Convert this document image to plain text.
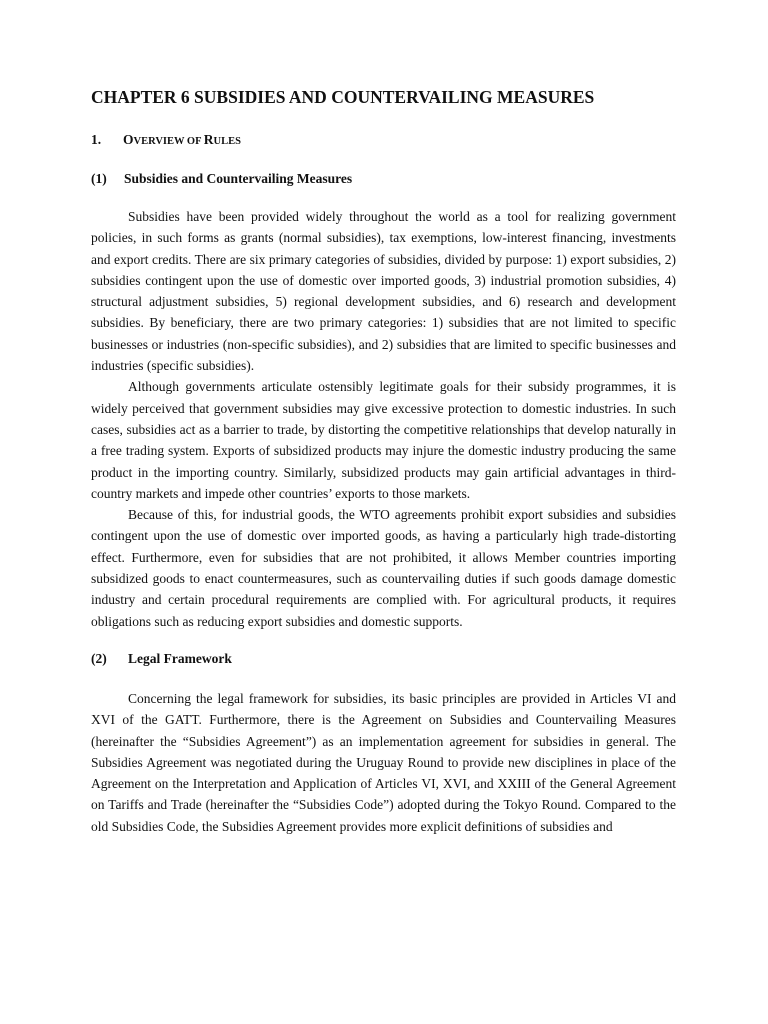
CHAPTER 6 SUBSIDIES AND COUNTERVAILING MEASURES
1. OVERVIEW OF RULES
(1) Subsidies and Countervailing Measures

Subsidies have been provided widely throughout the world as a tool for realizing government policies, in such forms as grants (normal subsidies), tax exemptions, low-interest financing, investments and export credits. There are six primary categories of subsidies, divided by purpose: 1) export subsidies, 2) subsidies contingent upon the use of domestic over imported goods, 3) industrial promotion subsidies, 4) structural adjustment subsidies, 5) regional development subsidies, and 6) research and development subsidies. By beneficiary, there are two primary categories: 1) subsidies that are not limited to specific businesses or industries (non-specific subsidies), and 2) subsidies that are limited to specific businesses and industries (specific subsidies).

Although governments articulate ostensibly legitimate goals for their subsidy programmes, it is widely perceived that government subsidies may give excessive protection to domestic industries. In such cases, subsidies act as a barrier to trade, by distorting the competitive relationships that develop naturally in a free trading system. Exports of subsidized products may injure the domestic industry producing the same product in the importing country. Similarly, subsidized products may gain artificial advantages in third-country markets and impede other countries’ exports to those markets.

Because of this, for industrial goods, the WTO agreements prohibit export subsidies and subsidies contingent upon the use of domestic over imported goods, as having a particularly high trade-distorting effect. Furthermore, even for subsidies that are not prohibited, it allows Member countries importing subsidized goods to enact countermeasures, such as countervailing duties if such goods damage domestic industry and certain procedural requirements are complied with. For agricultural products, it requires obligations such as reducing export subsidies and domestic supports.

(2) Legal Framework

Concerning the legal framework for subsidies, its basic principles are provided in Articles VI and XVI of the GATT. Furthermore, there is the Agreement on Subsidies and Countervailing Measures (hereinafter the “Subsidies Agreement”) as an implementation agreement for subsidies in general. The Subsidies Agreement was negotiated during the Uruguay Round to provide new disciplines in place of the Agreement on the Interpretation and Application of Articles VI, XVI, and XXIII of the General Agreement on Tariffs and Trade (hereinafter the “Subsidies Code”) adopted during the Tokyo Round. Compared to the old Subsidies Code, the Subsidies Agreement provides more explicit definitions of subsidies and
